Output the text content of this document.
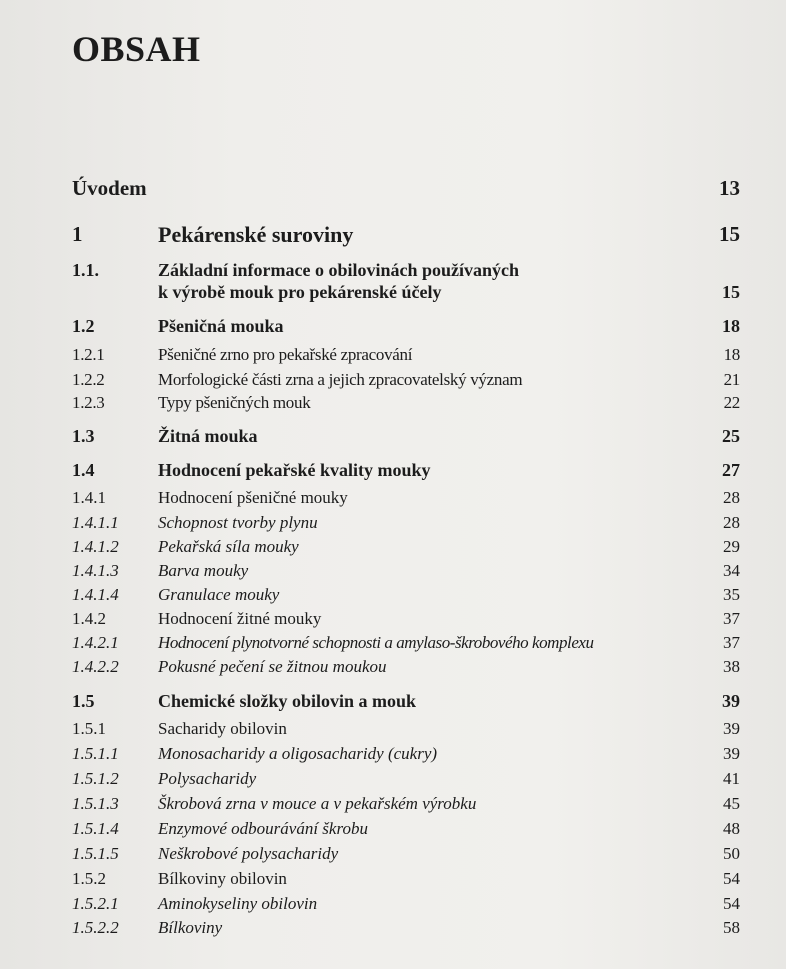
OBSAH
Úvodem	13
1	Pekárenské suroviny	15
1.1.	Základní informace o obilovinách používaných
k výrobě mouk pro pekárenské účely	15
1.2	Pšeničná mouka	18
1.2.1	Pšeničné zrno pro pekařské zpracování	18
1.2.2	Morfologické části zrna a jejich zpracovatelský význam	21
1.2.3	Typy pšeničných mouk	22
1.3	Žitná mouka	25
1.4	Hodnocení pekařské kvality mouky	27
1.4.1	Hodnocení pšeničné mouky	28
1.4.1.1	Schopnost tvorby plynu	28
1.4.1.2	Pekařská síla mouky	29
1.4.1.3	Barva mouky	34
1.4.1.4	Granulace mouky	35
1.4.2	Hodnocení žitné mouky	37
1.4.2.1	Hodnocení plynotvorné schopnosti a amylaso-škrobového komplexu	37
1.4.2.2	Pokusné pečení se žitnou moukou	38
1.5	Chemické složky obilovin a mouk	39
1.5.1	Sacharidy obilovin	39
1.5.1.1	Monosacharidy a oligosacharidy (cukry)	39
1.5.1.2	Polysacharidy	41
1.5.1.3	Škrobová zrna v mouce a v pekařském výrobku	45
1.5.1.4	Enzymové odbourávání škrobu	48
1.5.1.5	Neškrobové polysacharidy	50
1.5.2	Bílkoviny obilovin	54
1.5.2.1	Aminokyseliny obilovin	54
1.5.2.2	Bílkoviny	58
